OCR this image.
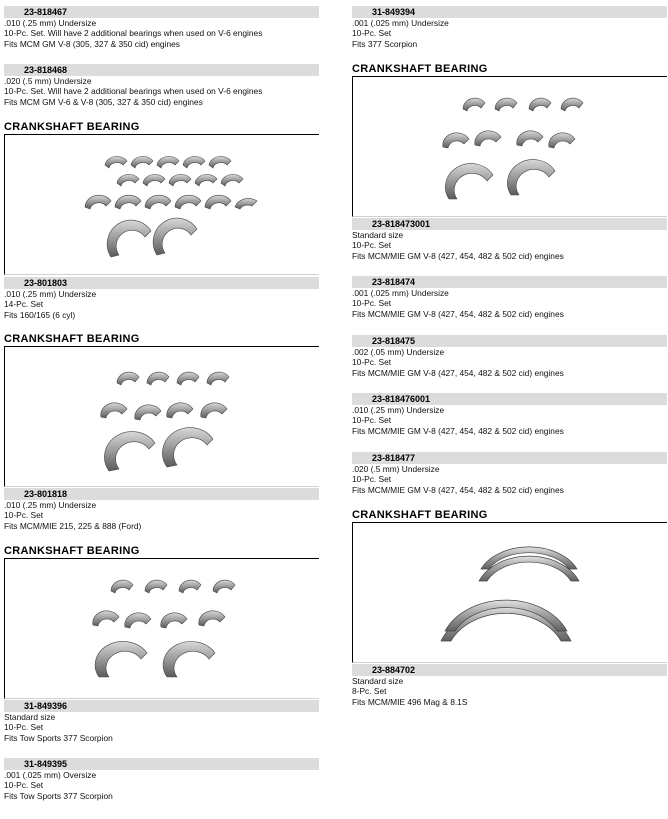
23-818467
.010 (.25 mm) Undersize
10-Pc. Set. Will have 2 additional bearings when used on V-6 engines
Fits MCM GM V-8 (305, 327 & 350 cid) engines
23-818468
.020 (.5 mm) Undersize
10-Pc. Set. Will have 2 additional bearings when used on V-6 engines
Fits MCM GM V-6 & V-8 (305, 327 & 350 cid) engines
CRANKSHAFT BEARING
23-801803
.010 (.25 mm) Undersize
14-Pc. Set
Fits 160/165 (6 cyl)
CRANKSHAFT BEARING
23-801818
.010 (.25 mm) Undersize
10-Pc. Set
Fits MCM/MIE 215, 225 & 888 (Ford)
CRANKSHAFT BEARING
31-849396
Standard size
10-Pc. Set
Fits Tow Sports 377 Scorpion
31-849395
.001 (.025 mm) Oversize
10-Pc. Set
Fits Tow Sports 377 Scorpion
31-849394
.001 (.025 mm) Undersize
10-Pc. Set
Fits 377 Scorpion
CRANKSHAFT BEARING
23-818473001
Standard size
10-Pc. Set
Fits MCM/MIE GM V-8 (427, 454, 482 & 502 cid) engines
23-818474
.001 (.025 mm) Undersize
10-Pc. Set
Fits MCM/MIE GM V-8 (427, 454, 482 & 502 cid) engines
23-818475
.002 (.05 mm) Undersize
10-Pc. Set
Fits MCM/MIE GM V-8 (427, 454, 482 & 502 cid) engines
23-818476001
.010 (.25 mm) Undersize
10-Pc. Set
Fits MCM/MIE GM V-8 (427, 454, 482 & 502 cid) engines
23-818477
.020 (.5 mm) Undersize
10-Pc. Set
Fits MCM/MIE GM V-8 (427, 454, 482 & 502 cid) engines
CRANKSHAFT BEARING
23-884702
Standard size
8-Pc. Set
Fits MCM/MIE 496 Mag & 8.1S
